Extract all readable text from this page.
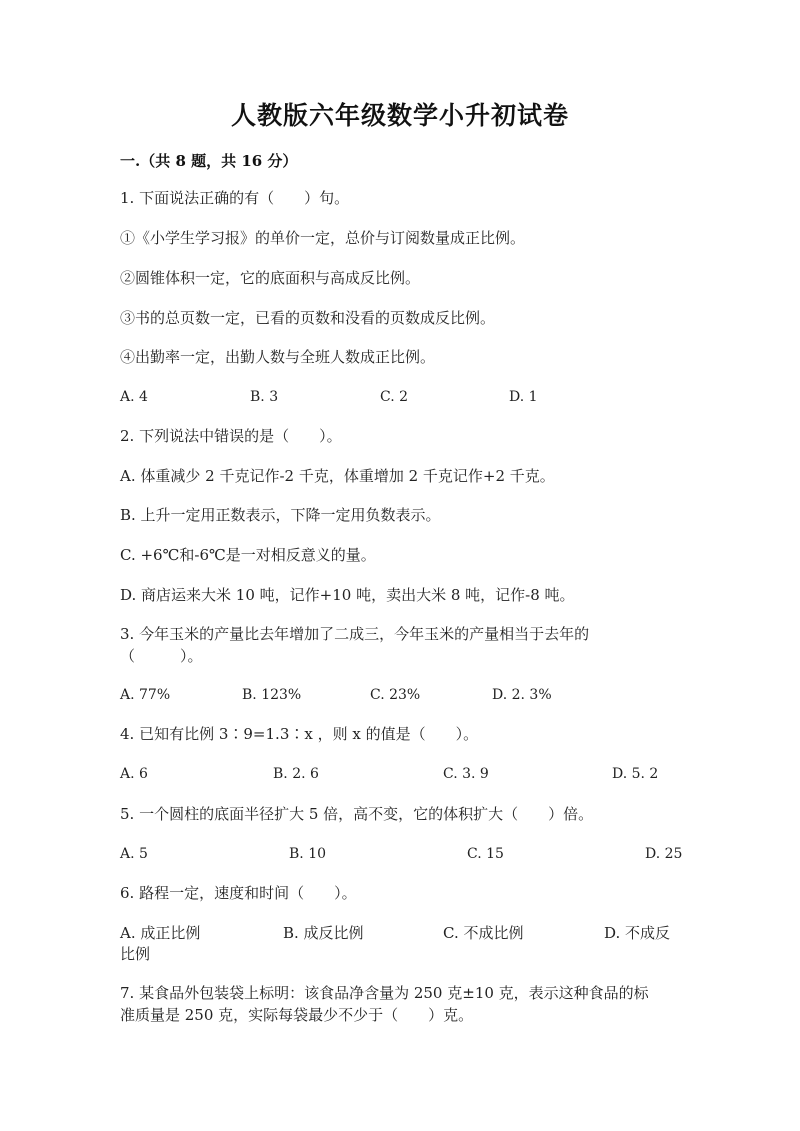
人教版六年级数学小升初试卷
一.（共 8 题，共 16 分）
1. 下面说法正确的有（　　）句。
①《小学生学习报》的单价一定，总价与订阅数量成正比例。
②圆锥体积一定，它的底面积与高成反比例。
③书的总页数一定，已看的页数和没看的页数成反比例。
④出勤率一定，出勤人数与全班人数成正比例。
A. 4	B. 3	C. 2	D. 1
2. 下列说法中错误的是（　　）。
A. 体重减少 2 千克记作-2 千克，体重增加 2 千克记作+2 千克。
B. 上升一定用正数表示，下降一定用负数表示。
C. +6℃和-6℃是一对相反意义的量。
D. 商店运来大米 10 吨，记作+10 吨，卖出大米 8 吨，记作-8 吨。
3. 今年玉米的产量比去年增加了二成三，今年玉米的产量相当于去年的
（　　　）。
A. 77%	B. 123%	C. 23%	D. 2. 3%
4. 已知有比例 3∶9=1.3∶x ，则 x 的值是（　　）。
A. 6	B. 2. 6	C. 3. 9	D. 5. 2
5. 一个圆柱的底面半径扩大 5 倍，高不变，它的体积扩大（　　）倍。
A. 5	B. 10	C. 15	D. 25
6. 路程一定，速度和时间（　　）。
A. 成正比例	B. 成反比例	C. 不成比例	D. 不成反
比例
7. 某食品外包装袋上标明：该食品净含量为 250 克±10 克，表示这种食品的标
准质量是 250 克，实际每袋最少不少于（　　）克。
